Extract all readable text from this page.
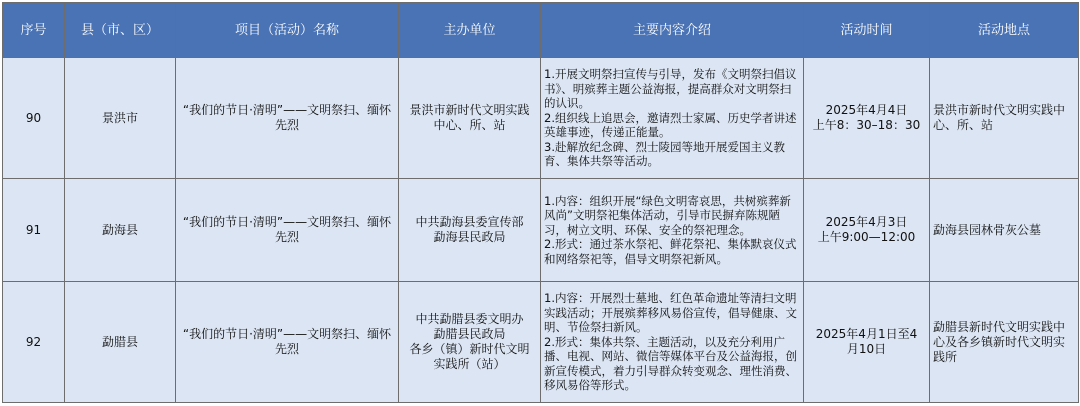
序号	县（市、区）	项目（活动）名称	主办单位	主要内容介绍	活动时间	活动地点
90	景洪市	“我们的节日·清明”——文明祭扫、缅怀先烈	景洪市新时代文明实践中心、所、站	1.开展文明祭扫宣传与引导，发布《文明祭扫倡议书》、明殡葬主题公益海报，提高群众对文明祭扫的认识。
2.组织线上追思会，邀请烈士家属、历史学者讲述英雄事迹，传递正能量。
3.赴解放纪念碑、烈士陵园等地开展爱国主义教育、集体共祭等活动。	2025年4月4日
上午8：30–18：30	景洪市新时代文明实践中心、所、站
91	勐海县	“我们的节日·清明”——文明祭扫、缅怀先烈	中共勐海县委宣传部
勐海县民政局	1.内容：组织开展“绿色文明寄哀思，共树殡葬新风尚”文明祭祀集体活动，引导市民摒弃陈规陋习，树立文明、环保、安全的祭祀理念。
2.形式：通过茶水祭祀、鲜花祭祀、集体默哀仪式和网络祭祀等，倡导文明祭祀新风。	2025年4月3日
上午9:00—12:00	勐海县园林骨灰公墓
92	勐腊县	“我们的节日·清明”——文明祭扫、缅怀先烈	中共勐腊县委文明办
勐腊县民政局
各乡（镇）新时代文明实践所（站）	1.内容：开展烈士墓地、红色革命遗址等清扫文明实践活动；开展殡葬移风易俗宣传，倡导健康、文明、节俭祭扫新风。
2.形式：集体共祭、主题活动，以及充分利用广播、电视、网站、微信等媒体平台及公益海报，创新宣传模式，着力引导群众转变观念、理性消费、移风易俗等形式。	2025年4月1日至4月10日	勐腊县新时代文明实践中心及各乡镇新时代文明实践所
